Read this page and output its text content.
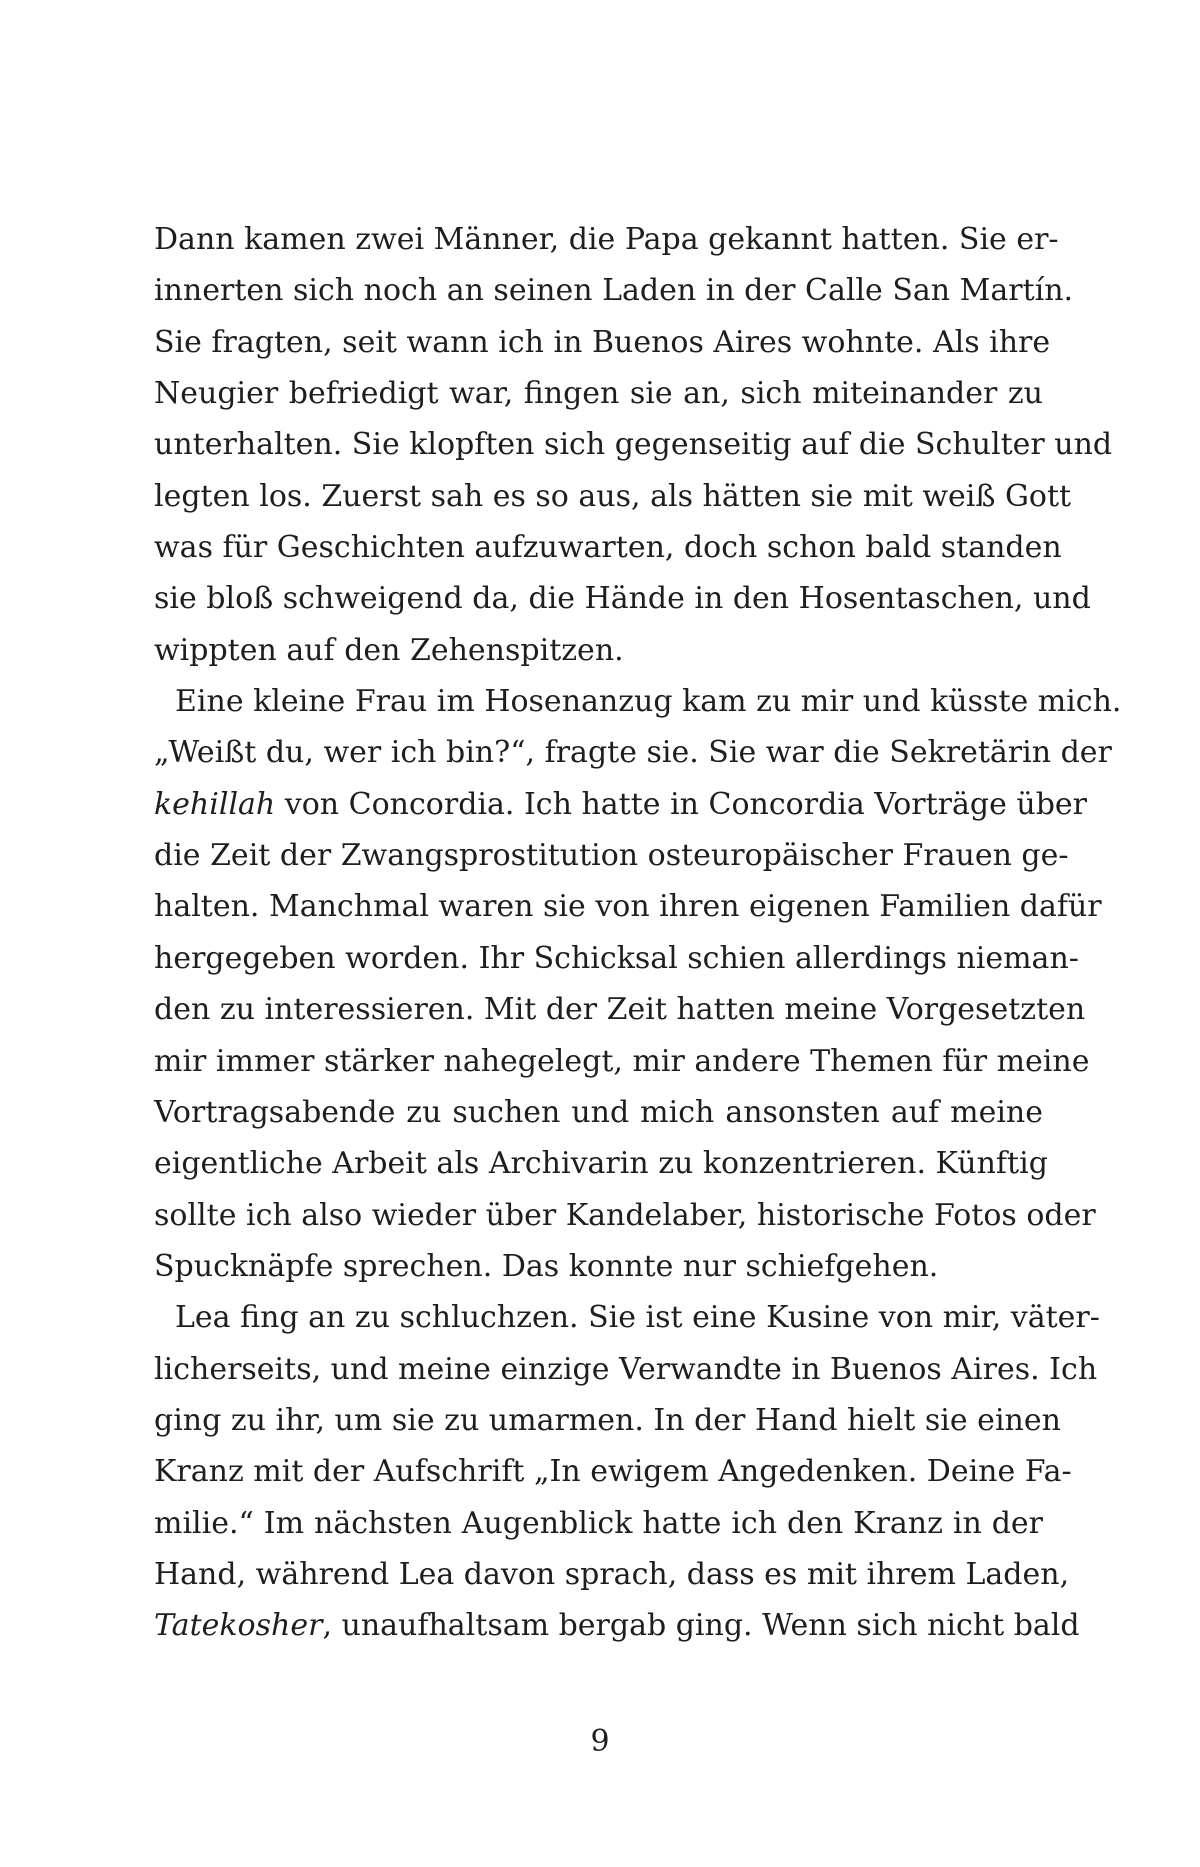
Dann kamen zwei Männer, die Papa gekannt hatten. Sie er-
innerten sich noch an seinen Laden in der Calle San Martín.
Sie fragten, seit wann ich in Buenos Aires wohnte. Als ihre
Neugier befriedigt war, fingen sie an, sich miteinander zu
unterhalten. Sie klopften sich gegenseitig auf die Schulter und
legten los. Zuerst sah es so aus, als hätten sie mit weiß Gott
was für Geschichten aufzuwarten, doch schon bald standen
sie bloß schweigend da, die Hände in den Hosentaschen, und
wippten auf den Zehenspitzen.
Eine kleine Frau im Hosenanzug kam zu mir und küsste mich.
„Weißt du, wer ich bin?“, fragte sie. Sie war die Sekretärin der
kehillah von Concordia. Ich hatte in Concordia Vorträge über
die Zeit der Zwangsprostitution osteuropäischer Frauen ge-
halten. Manchmal waren sie von ihren eigenen Familien dafür
hergegeben worden. Ihr Schicksal schien allerdings nieman-
den zu interessieren. Mit der Zeit hatten meine Vorgesetzten
mir immer stärker nahegelegt, mir andere Themen für meine
Vortragsabende zu suchen und mich ansonsten auf meine
eigentliche Arbeit als Archivarin zu konzentrieren. Künftig
sollte ich also wieder über Kandelaber, historische Fotos oder
Spucknäpfe sprechen. Das konnte nur schiefgehen.
Lea fing an zu schluchzen. Sie ist eine Kusine von mir, väter-
licherseits, und meine einzige Verwandte in Buenos Aires. Ich
ging zu ihr, um sie zu umarmen. In der Hand hielt sie einen
Kranz mit der Aufschrift „In ewigem Angedenken. Deine Fa-
milie.“ Im nächsten Augenblick hatte ich den Kranz in der
Hand, während Lea davon sprach, dass es mit ihrem Laden,
Tatekosher, unaufhaltsam bergab ging. Wenn sich nicht bald
9
